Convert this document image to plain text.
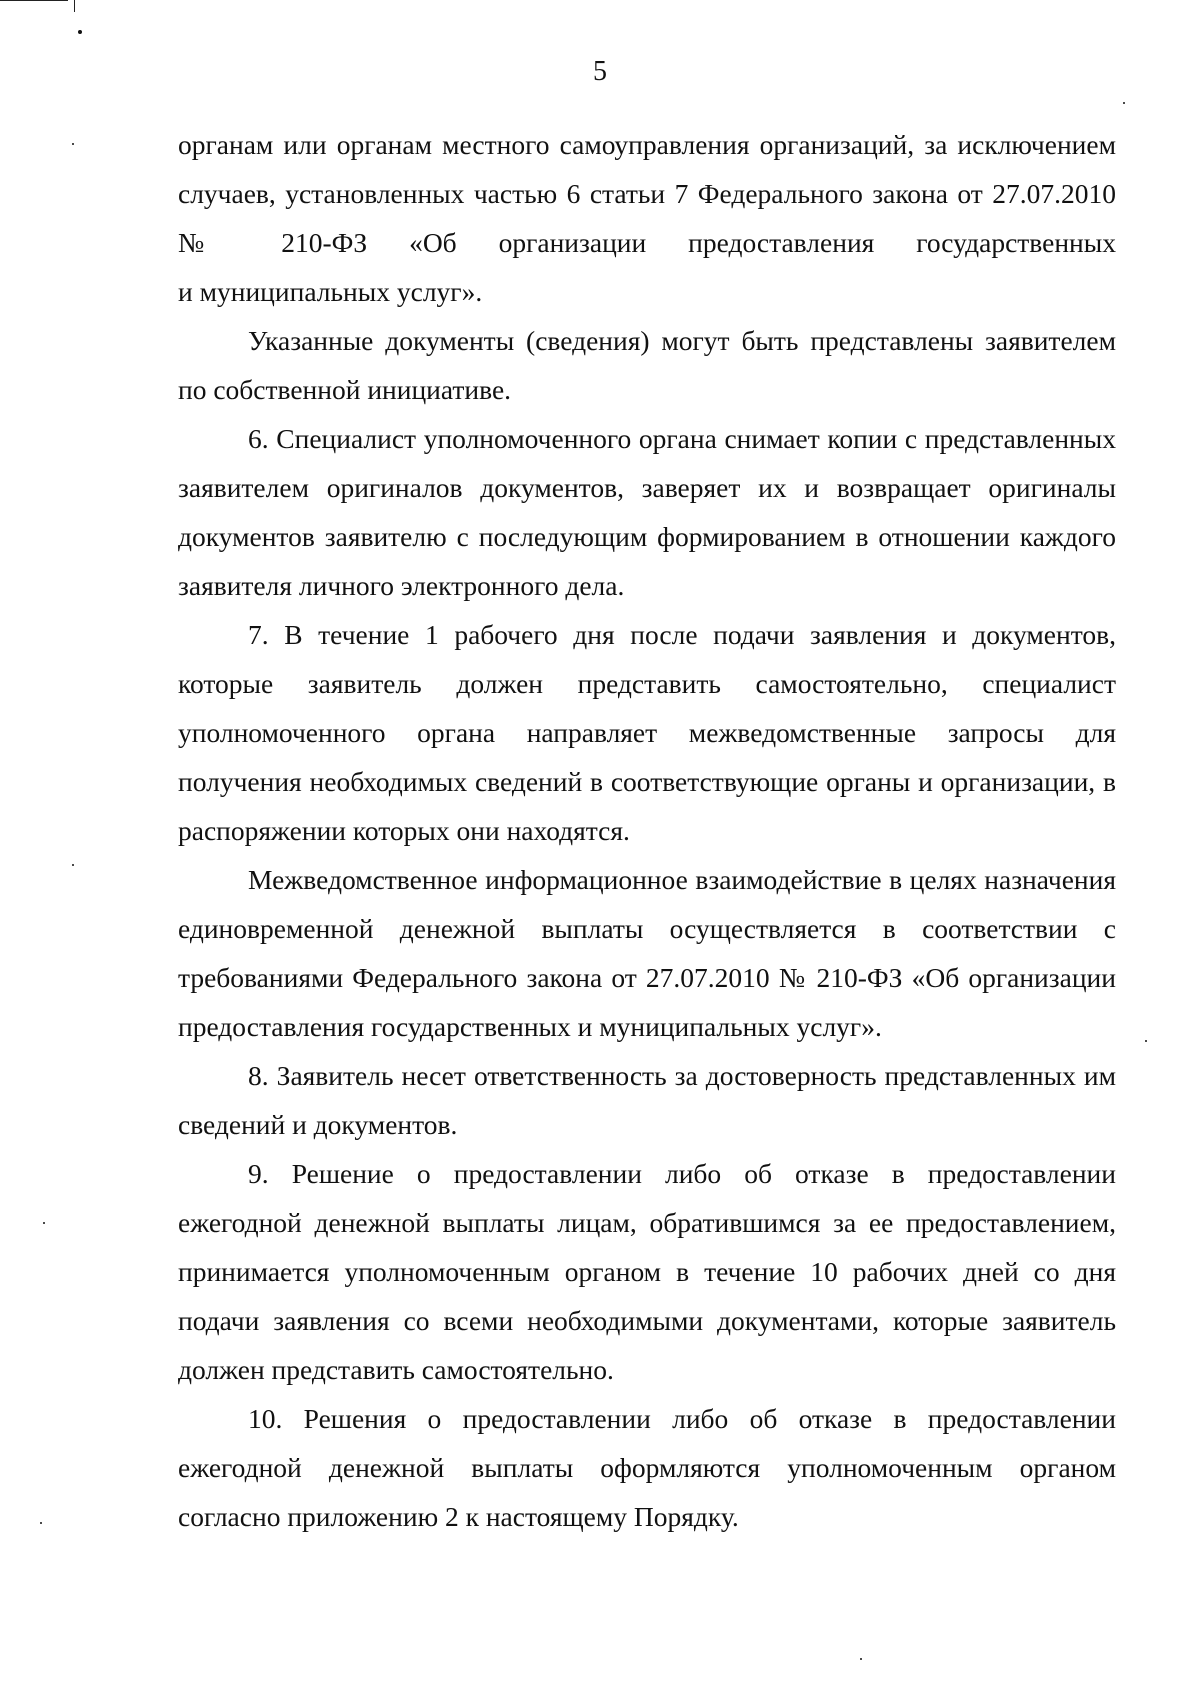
5

органам или органам местного самоуправления организаций, за исключением
случаев, установленных частью 6 статьи 7 Федерального закона от 27.07.2010
№ 210-ФЗ «Об организации предоставления государственных
и муниципальных услуг».

Указанные документы (сведения) могут быть представлены заявителем по собственной инициативе.

6. Специалист уполномоченного органа снимает копии с представленных заявителем оригиналов документов, заверяет их и возвращает оригиналы документов заявителю с последующим формированием в отношении каждого заявителя личного электронного дела.

7. В течение 1 рабочего дня после подачи заявления и документов, которые заявитель должен представить самостоятельно, специалист уполномоченного органа направляет межведомственные запросы для получения необходимых сведений в соответствующие органы и организации, в распоряжении которых они находятся.

Межведомственное информационное взаимодействие в целях назначения единовременной денежной выплаты осуществляется в соответствии с требованиями Федерального закона от 27.07.2010 № 210-ФЗ «Об организации предоставления государственных и муниципальных услуг».

8. Заявитель несет ответственность за достоверность представленных им сведений и документов.

9. Решение о предоставлении либо об отказе в предоставлении ежегодной денежной выплаты лицам, обратившимся за ее предоставлением, принимается уполномоченным органом в течение 10 рабочих дней со дня подачи заявления со всеми необходимыми документами, которые заявитель должен представить самостоятельно.

10. Решения о предоставлении либо об отказе в предоставлении ежегодной денежной выплаты оформляются уполномоченным органом согласно приложению 2 к настоящему Порядку.
